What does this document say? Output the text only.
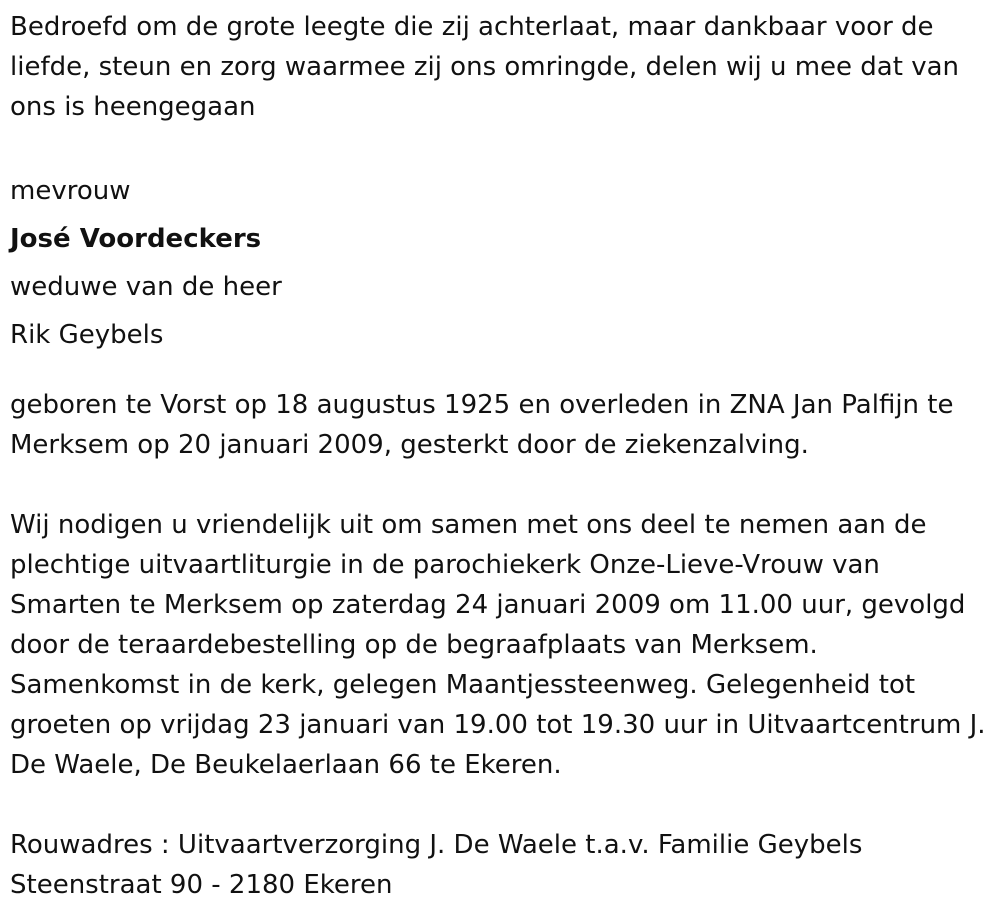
Bedroefd om de grote leegte die zij achterlaat, maar dankbaar voor de liefde, steun en zorg waarmee zij ons omringde, delen wij u mee dat van ons is heengegaan

mevrouw

José Voordeckers

weduwe van de heer

Rik Geybels

geboren te Vorst op 18 augustus 1925 en overleden in ZNA Jan Palfijn te Merksem op 20 januari 2009, gesterkt door de ziekenzalving.

Wij nodigen u vriendelijk uit om samen met ons deel te nemen aan de plechtige uitvaartliturgie in de parochiekerk Onze-Lieve-Vrouw van Smarten te Merksem op zaterdag 24 januari 2009 om 11.00 uur, gevolgd door de teraardebestelling op de begraafplaats van Merksem. Samenkomst in de kerk, gelegen Maantjessteenweg. Gelegenheid tot groeten op vrijdag 23 januari van 19.00 tot 19.30 uur in Uitvaartcentrum J. De Waele, De Beukelaerlaan 66 te Ekeren.

Rouwadres : Uitvaartverzorging J. De Waele t.a.v. Familie Geybels

Steenstraat 90 - 2180 Ekeren
